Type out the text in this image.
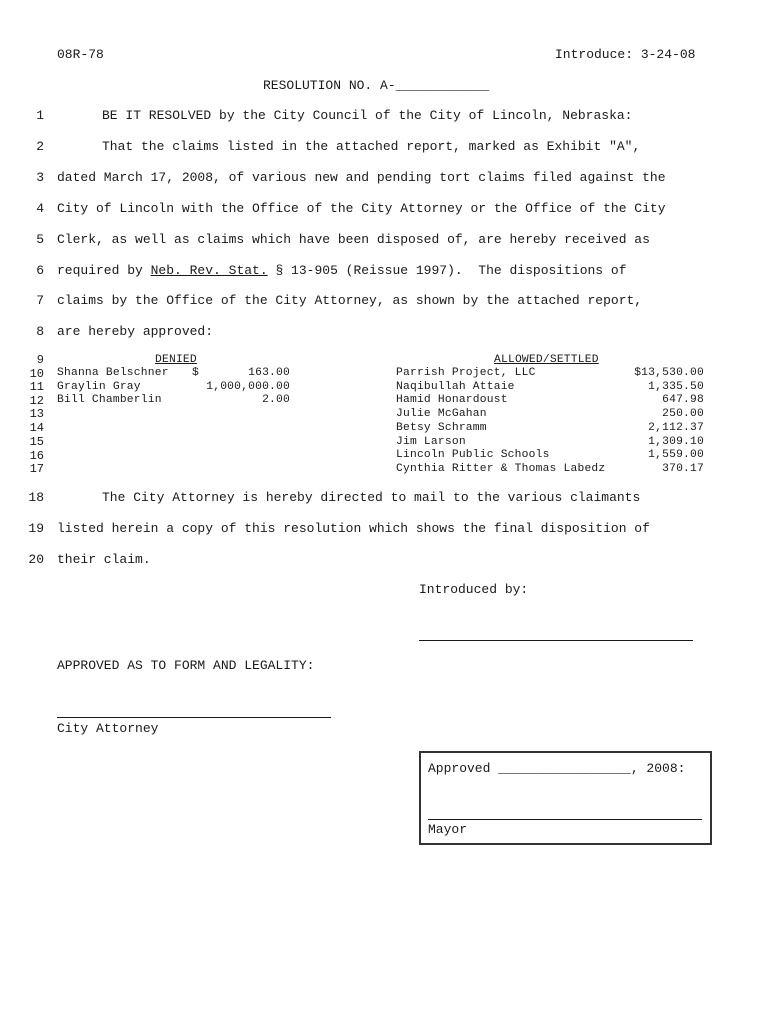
08R-78	Introduce: 3-24-08
RESOLUTION NO. A-____________
1
2
3
4
5
6
7
8
9
10
11
12
13
14
15
16
17
18
19
20
BE IT RESOLVED by the City Council of the City of Lincoln, Nebraska:
That the claims listed in the attached report, marked as Exhibit "A",
dated March 17, 2008, of various new and pending tort claims filed against the
City of Lincoln with the Office of the City Attorney or the Office of the City
Clerk, as well as claims which have been disposed of, are hereby received as
required by Neb. Rev. Stat. § 13-905 (Reissue 1997).  The dispositions of
claims by the Office of the City Attorney, as shown by the attached report,
are hereby approved:
DENIED
Shanna Belschner $	163.00
Graylin Gray	1,000,000.00
Bill Chamberlin	2.00
ALLOWED/SETTLED
Parrish Project, LLC	$13,530.00
Naqibullah Attaie	1,335.50
Hamid Honardoust	647.98
Julie McGahan	250.00
Betsy Schramm	2,112.37
Jim Larson	1,309.10
Lincoln Public Schools	1,559.00
Cynthia Ritter & Thomas Labedz	370.17
The City Attorney is hereby directed to mail to the various claimants
listed herein a copy of this resolution which shows the final disposition of
their claim.
Introduced by:
APPROVED AS TO FORM AND LEGALITY:
City Attorney
Approved _________________, 2008:
Mayor
